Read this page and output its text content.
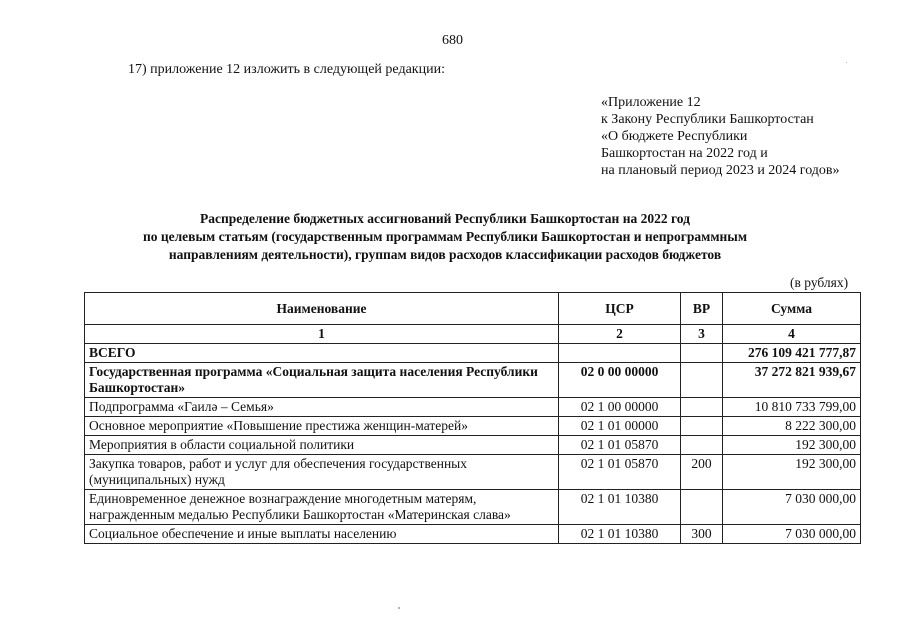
680
17) приложение 12 изложить в следующей редакции:
«Приложение 12
к Закону Республики Башкортостан
«О бюджете Республики
Башкортостан на 2022 год и
на плановый период 2023 и 2024 годов»
Распределение бюджетных ассигнований Республики Башкортостан на 2022 год
по целевым статьям (государственным программам Республики Башкортостан и непрограммным
направлениям деятельности), группам видов расходов классификации расходов бюджетов
(в рублях)
Наименование	ЦСР	ВР	Сумма
1	2	3	4
ВСЕГО			276 109 421 777,87
Государственная программа «Социальная защита населения Республики Башкортостан»	02 0 00 00000		37 272 821 939,67
Подпрограмма «Гаилә – Семья»	02 1 00 00000		10 810 733 799,00
Основное мероприятие «Повышение престижа женщин-матерей»	02 1 01 00000		8 222 300,00
Мероприятия в области социальной политики	02 1 01 05870		192 300,00
Закупка товаров, работ и услуг для обеспечения государственных (муниципальных) нужд	02 1 01 05870	200	192 300,00
Единовременное денежное вознаграждение многодетным матерям, награжденным медалью Республики Башкортостан «Материнская слава»	02 1 01 10380		7 030 000,00
Социальное обеспечение и иные выплаты населению	02 1 01 10380	300	7 030 000,00
